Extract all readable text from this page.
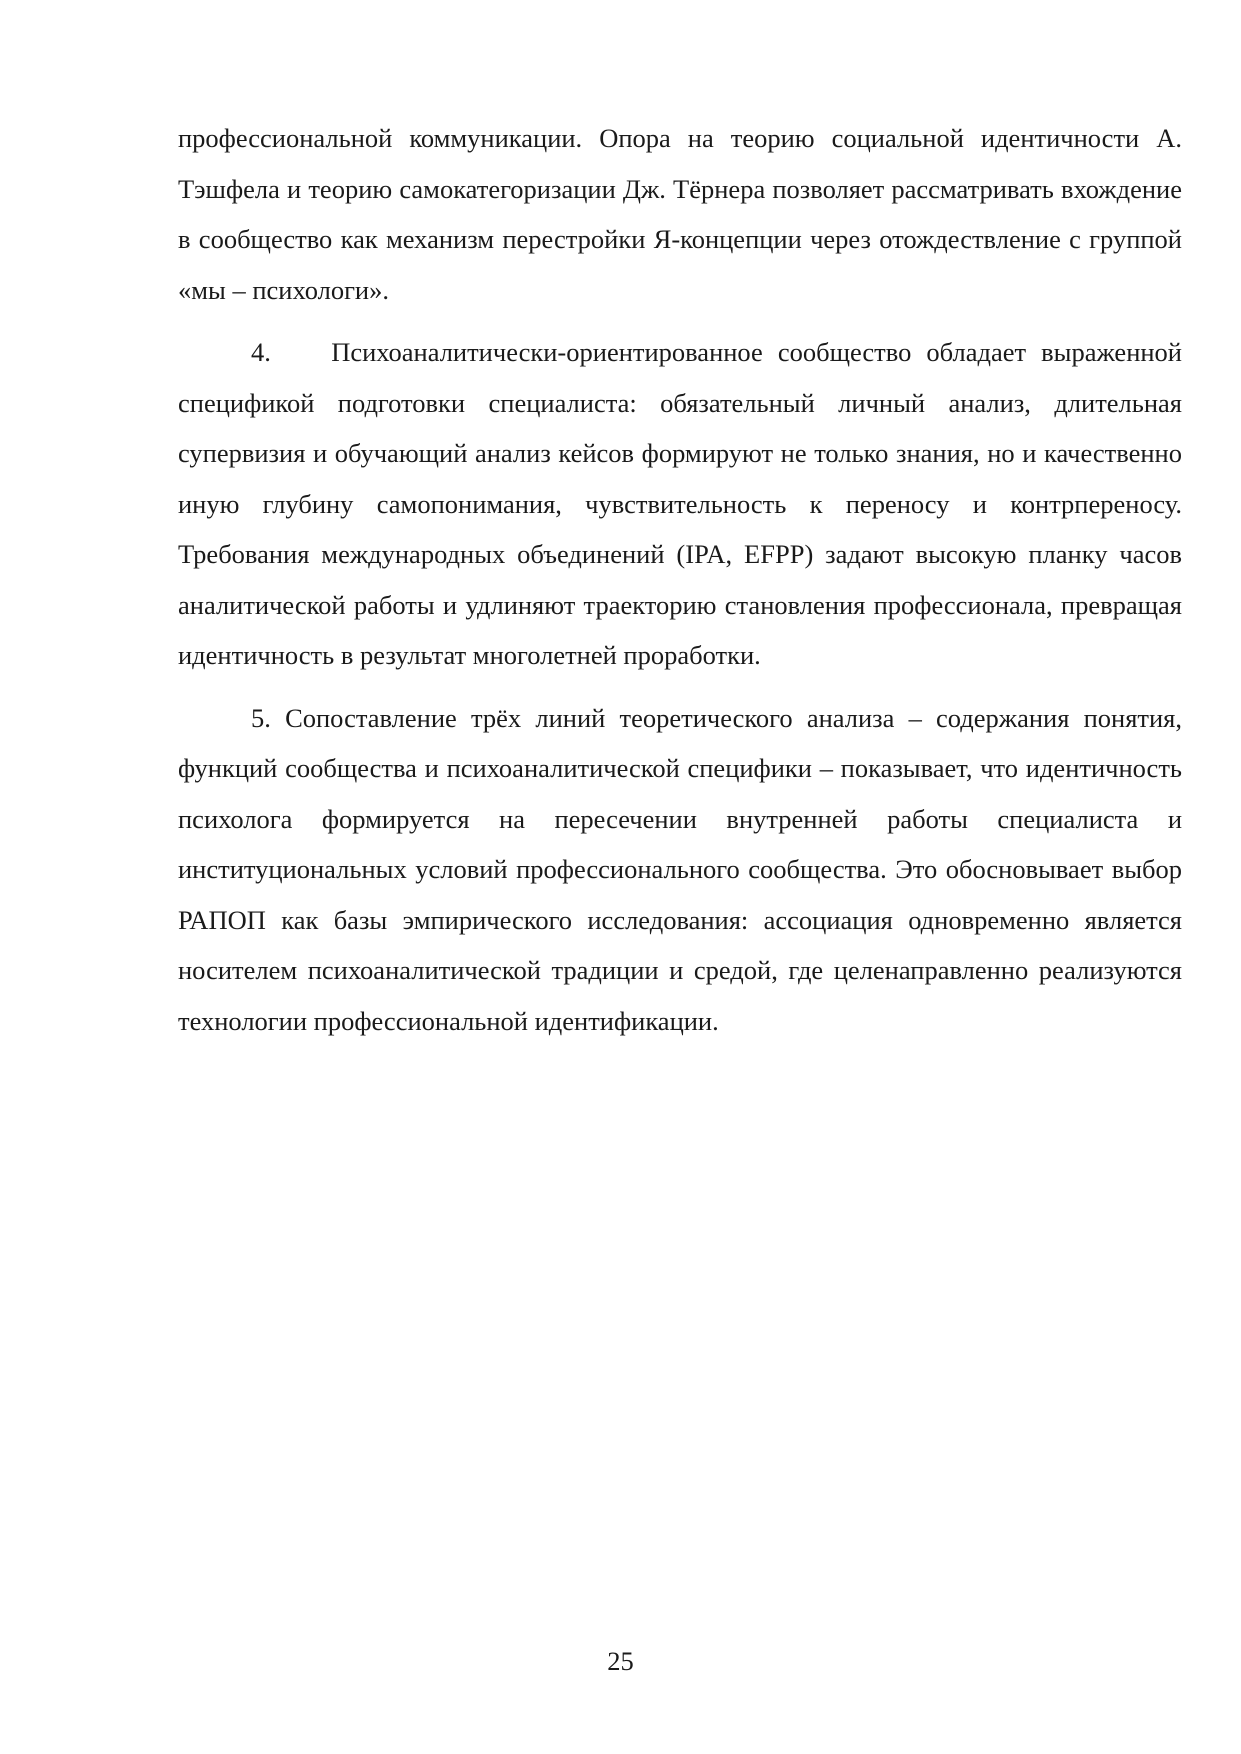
профессиональной коммуникации. Опора на теорию социальной идентичности А. Тэшфела и теорию самокатегоризации Дж. Тёрнера позволяет рассматривать вхождение в сообщество как механизм перестройки Я-концепции через отождествление с группой «мы – психологи».

4.    Психоаналитически-ориентированное сообщество обладает выраженной спецификой подготовки специалиста: обязательный личный анализ, длительная супервизия и обучающий анализ кейсов формируют не только знания, но и качественно иную глубину самопонимания, чувствительность к переносу и контрпереносу. Требования международных объединений (IPA, EFPP) задают высокую планку часов аналитической работы и удлиняют траекторию становления профессионала, превращая идентичность в результат многолетней проработки.

5. Сопоставление трёх линий теоретического анализа – содержания понятия, функций сообщества и психоаналитической специфики – показывает, что идентичность психолога формируется на пересечении внутренней работы специалиста и институциональных условий профессионального сообщества. Это обосновывает выбор РАПОП как базы эмпирического исследования: ассоциация одновременно является носителем психоаналитической традиции и средой, где целенаправленно реализуются технологии профессиональной идентификации.

25
